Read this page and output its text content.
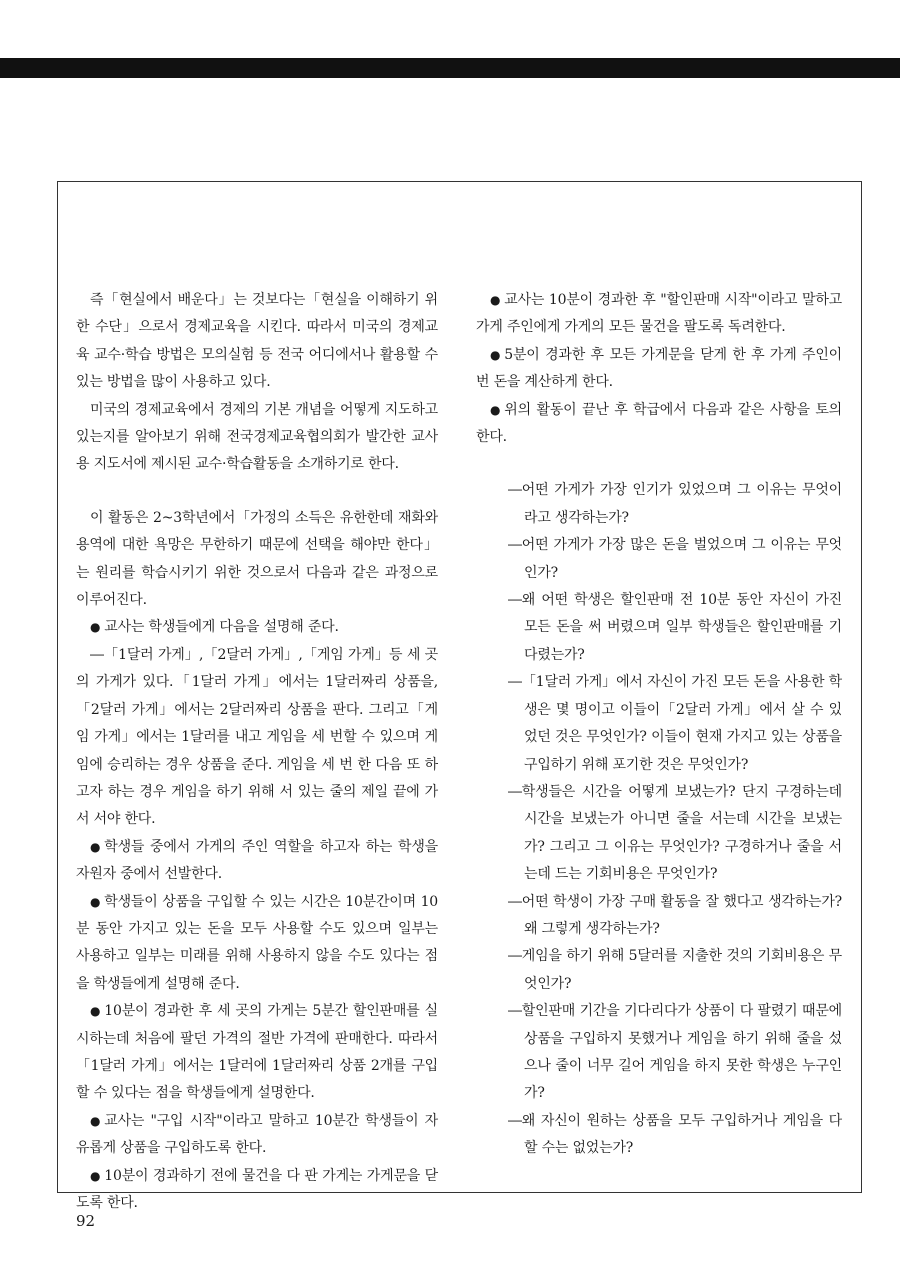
즉「현실에서 배운다」는 것보다는「현실을 이해하기 위한 수단」으로서 경제교육을 시킨다. 따라서 미국의 경제교육 교수·학습 방법은 모의실험 등 전국 어디에서나 활용할 수 있는 방법을 많이 사용하고 있다.

미국의 경제교육에서 경제의 기본 개념을 어떻게 지도하고 있는지를 알아보기 위해 전국경제교육협의회가 발간한 교사용 지도서에 제시된 교수·학습활동을 소개하기로 한다.

이 활동은 2~3학년에서「가정의 소득은 유한한데 재화와 용역에 대한 욕망은 무한하기 때문에 선택을 해야만 한다」는 원리를 학습시키기 위한 것으로서 다음과 같은 과정으로 이루어진다.

● 교사는 학생들에게 다음을 설명해 준다.

―「1달러 가게」,「2달러 가게」,「게임 가게」등 세 곳의 가게가 있다.「1달러 가게」에서는 1달러짜리 상품을,「2달러 가게」에서는 2달러짜리 상품을 판다. 그리고「게임 가게」에서는 1달러를 내고 게임을 세 번할 수 있으며 게임에 승리하는 경우 상품을 준다. 게임을 세 번 한 다음 또 하고자 하는 경우 게임을 하기 위해 서 있는 줄의 제일 끝에 가서 서야 한다.

● 학생들 중에서 가게의 주인 역할을 하고자 하는 학생을 자원자 중에서 선발한다.

● 학생들이 상품을 구입할 수 있는 시간은 10분간이며 10분 동안 가지고 있는 돈을 모두 사용할 수도 있으며 일부는 사용하고 일부는 미래를 위해 사용하지 않을 수도 있다는 점을 학생들에게 설명해 준다.

● 10분이 경과한 후 세 곳의 가게는 5분간 할인판매를 실시하는데 처음에 팔던 가격의 절반 가격에 판매한다. 따라서「1달러 가게」에서는 1달러에 1달러짜리 상품 2개를 구입할 수 있다는 점을 학생들에게 설명한다.

● 교사는 "구입 시작"이라고 말하고 10분간 학생들이 자유롭게 상품을 구입하도록 한다.

● 10분이 경과하기 전에 물건을 다 판 가게는 가게문을 닫도록 한다.

● 교사는 10분이 경과한 후 "할인판매 시작"이라고 말하고 가게 주인에게 가게의 모든 물건을 팔도록 독려한다.

● 5분이 경과한 후 모든 가게문을 닫게 한 후 가게 주인이 번 돈을 계산하게 한다.

● 위의 활동이 끝난 후 학급에서 다음과 같은 사항을 토의한다.

―어떤 가게가 가장 인기가 있었으며 그 이유는 무엇이라고 생각하는가?

―어떤 가게가 가장 많은 돈을 벌었으며 그 이유는 무엇인가?

―왜 어떤 학생은 할인판매 전 10분 동안 자신이 가진 모든 돈을 써 버렸으며 일부 학생들은 할인판매를 기다렸는가?

―「1달러 가게」에서 자신이 가진 모든 돈을 사용한 학생은 몇 명이고 이들이「2달러 가게」에서 살 수 있었던 것은 무엇인가? 이들이 현재 가지고 있는 상품을 구입하기 위해 포기한 것은 무엇인가?

―학생들은 시간을 어떻게 보냈는가? 단지 구경하는데 시간을 보냈는가 아니면 줄을 서는데 시간을 보냈는가? 그리고 그 이유는 무엇인가? 구경하거나 줄을 서는데 드는 기회비용은 무엇인가?

―어떤 학생이 가장 구매 활동을 잘 했다고 생각하는가? 왜 그렇게 생각하는가?

―게임을 하기 위해 5달러를 지출한 것의 기회비용은 무엇인가?

―할인판매 기간을 기다리다가 상품이 다 팔렸기 때문에 상품을 구입하지 못했거나 게임을 하기 위해 줄을 섰으나 줄이 너무 길어 게임을 하지 못한 학생은 누구인가?

―왜 자신이 원하는 상품을 모두 구입하거나 게임을 다 할 수는 없었는가?

92
